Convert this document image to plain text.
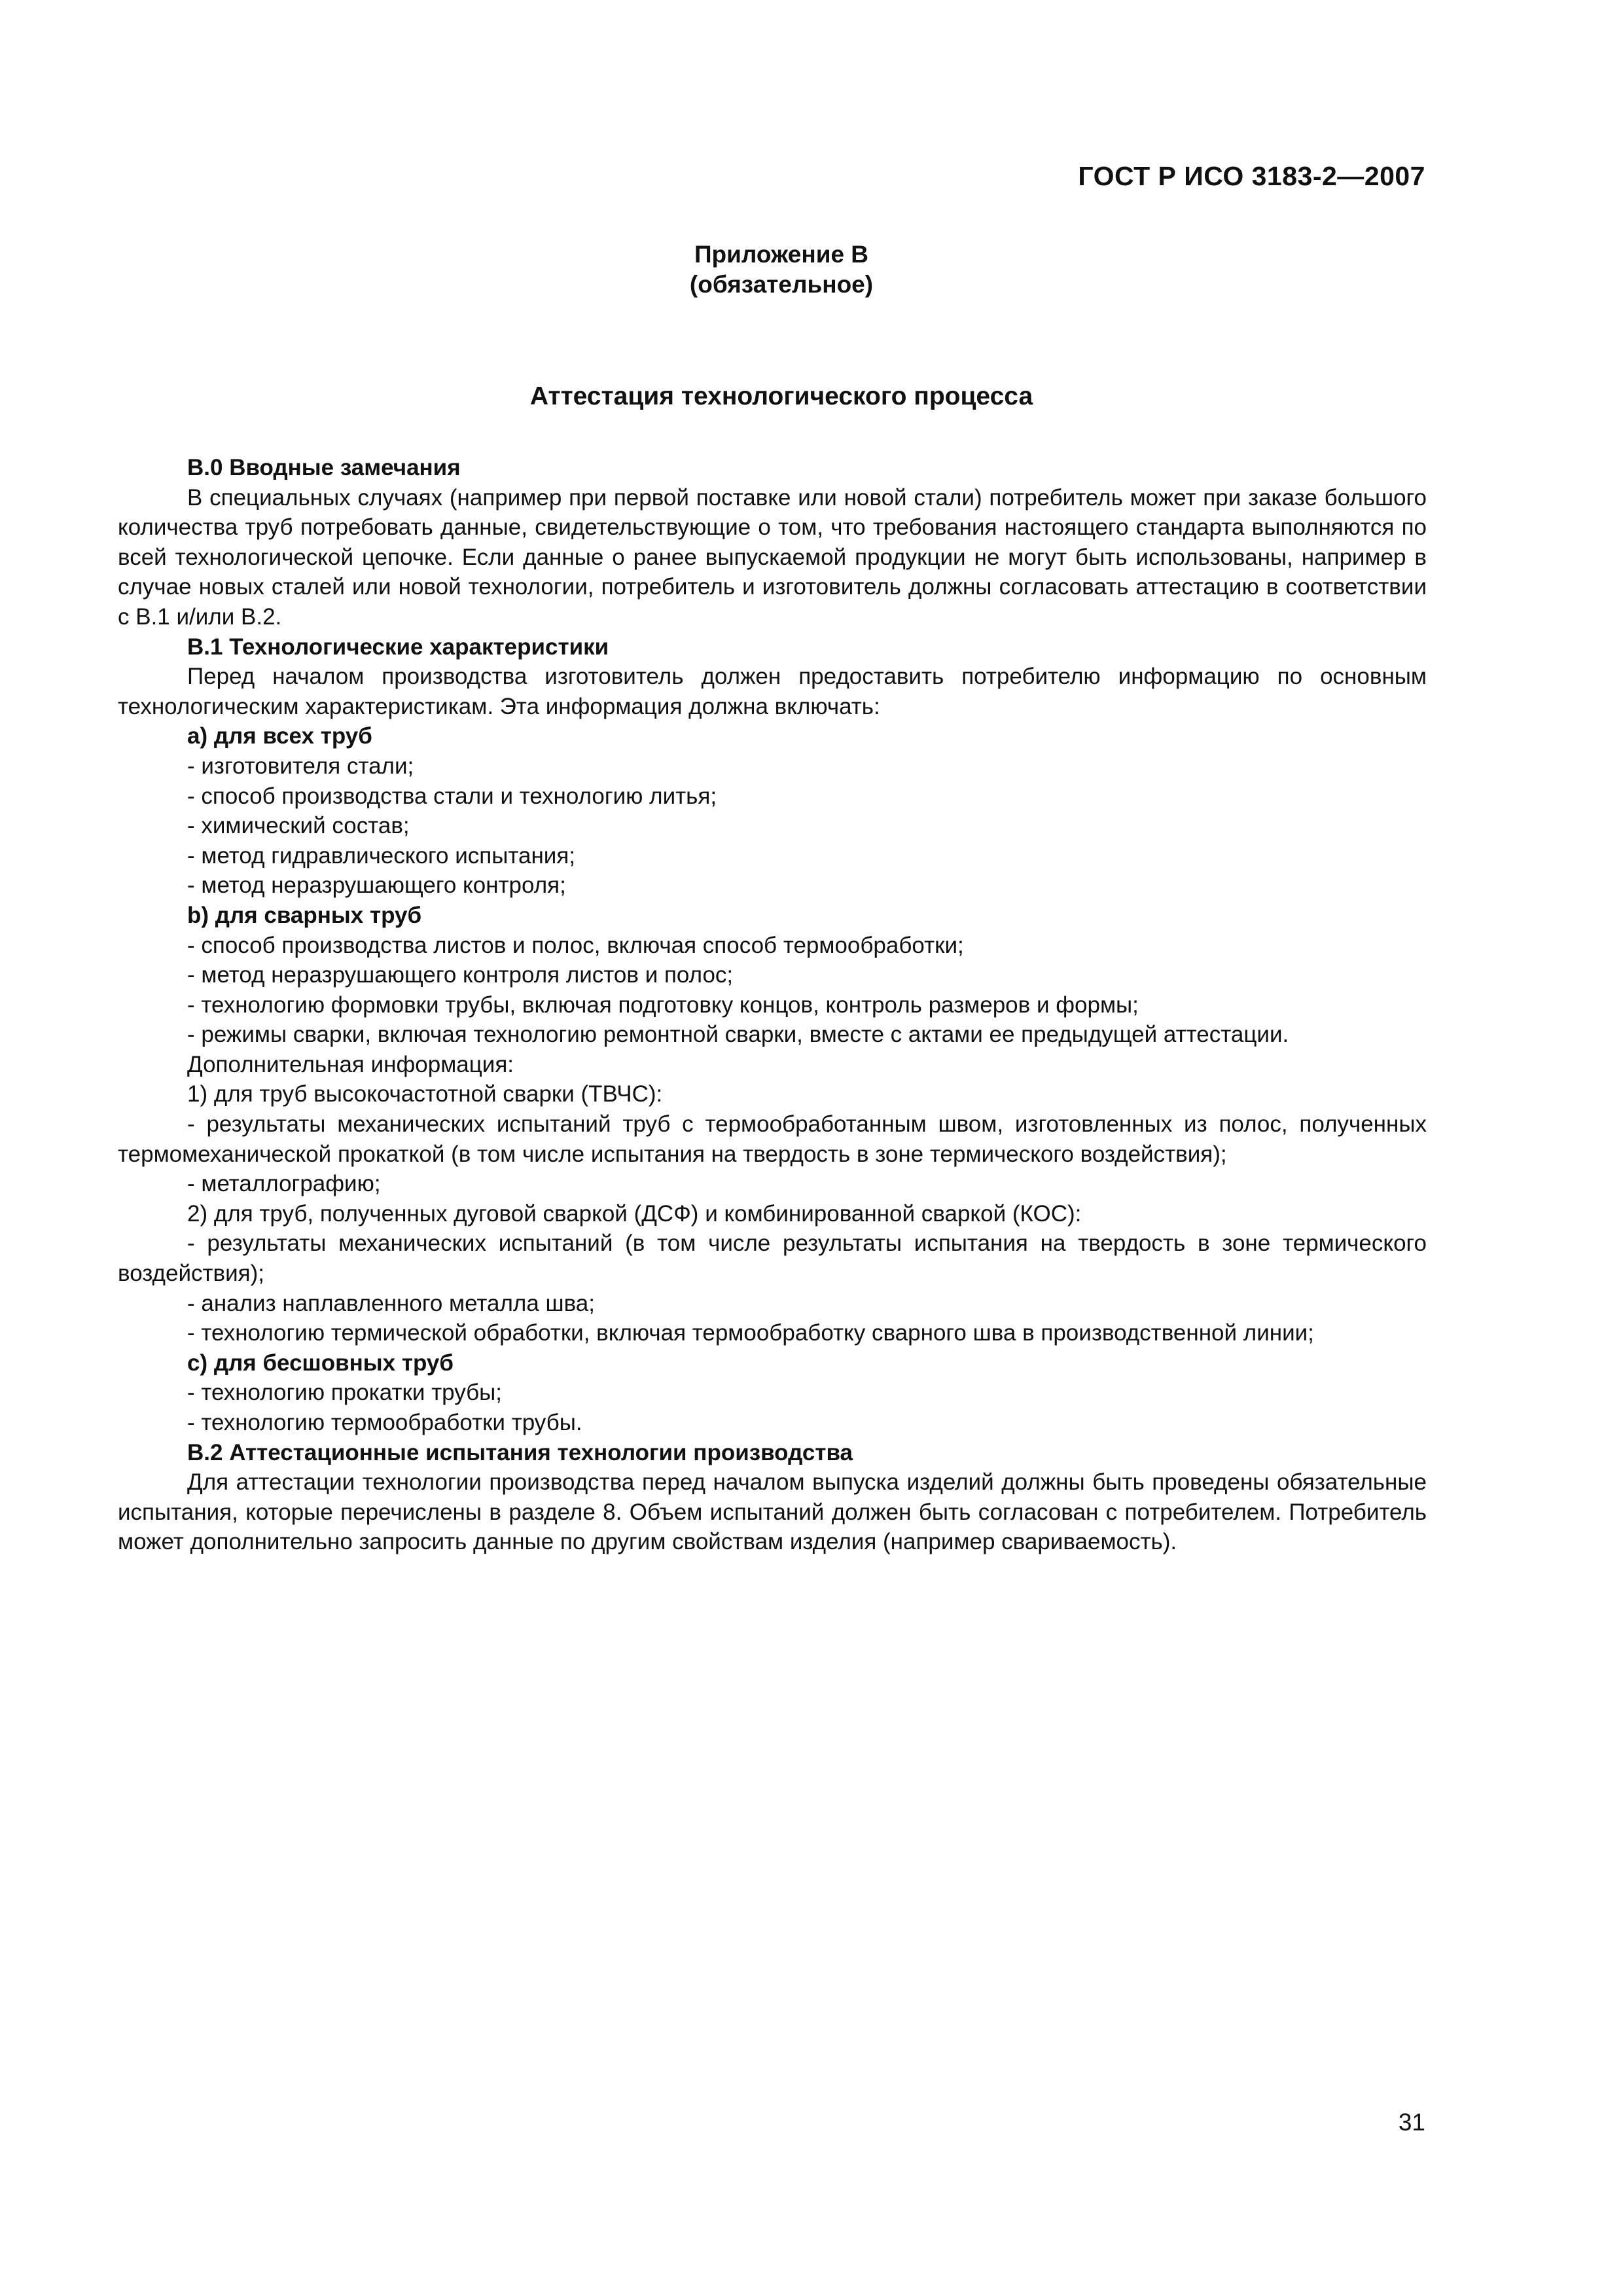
ГОСТ Р ИСО 3183-2—2007
Приложение B
(обязательное)
Аттестация технологического процесса

B.0 Вводные замечания

В специальных случаях (например при первой поставке или новой стали) потребитель может при заказе большого количества труб потребовать данные, свидетельствующие о том, что требования настоящего стандарта выполняются по всей технологической цепочке. Если данные о ранее выпускаемой продукции не могут быть использованы, например в случае новых сталей или новой технологии, потребитель и изготовитель должны согласовать аттестацию в соответствии с B.1 и/или B.2.

B.1 Технологические характеристики

Перед началом производства изготовитель должен предоставить потребителю информацию по основным технологическим характеристикам. Эта информация должна включать:

a) для всех труб

- изготовителя стали;

- способ производства стали и технологию литья;

- химический состав;

- метод гидравлического испытания;

- метод неразрушающего контроля;

b) для сварных труб

- способ производства листов и полос, включая способ термообработки;

- метод неразрушающего контроля листов и полос;

- технологию формовки трубы, включая подготовку концов, контроль размеров и формы;

- режимы сварки, включая технологию ремонтной сварки, вместе с актами ее предыдущей аттестации.

Дополнительная информация:

1) для труб высокочастотной сварки (ТВЧС):

- результаты механических испытаний труб с термообработанным швом, изготовленных из полос, полученных термомеханической прокаткой (в том числе испытания на твердость в зоне термического воздействия);

- металлографию;

2) для труб, полученных дуговой сваркой (ДСФ) и комбинированной сваркой (КОС):

- результаты механических испытаний (в том числе результаты испытания на твердость в зоне термического воздействия);

- анализ наплавленного металла шва;

- технологию термической обработки, включая термообработку сварного шва в производственной линии;

c) для бесшовных труб

- технологию прокатки трубы;

- технологию термообработки трубы.

B.2 Аттестационные испытания технологии производства

Для аттестации технологии производства перед началом выпуска изделий должны быть проведены обязательные испытания, которые перечислены в разделе 8. Объем испытаний должен быть согласован с потребителем. Потребитель может дополнительно запросить данные по другим свойствам изделия (например свариваемость).

31
